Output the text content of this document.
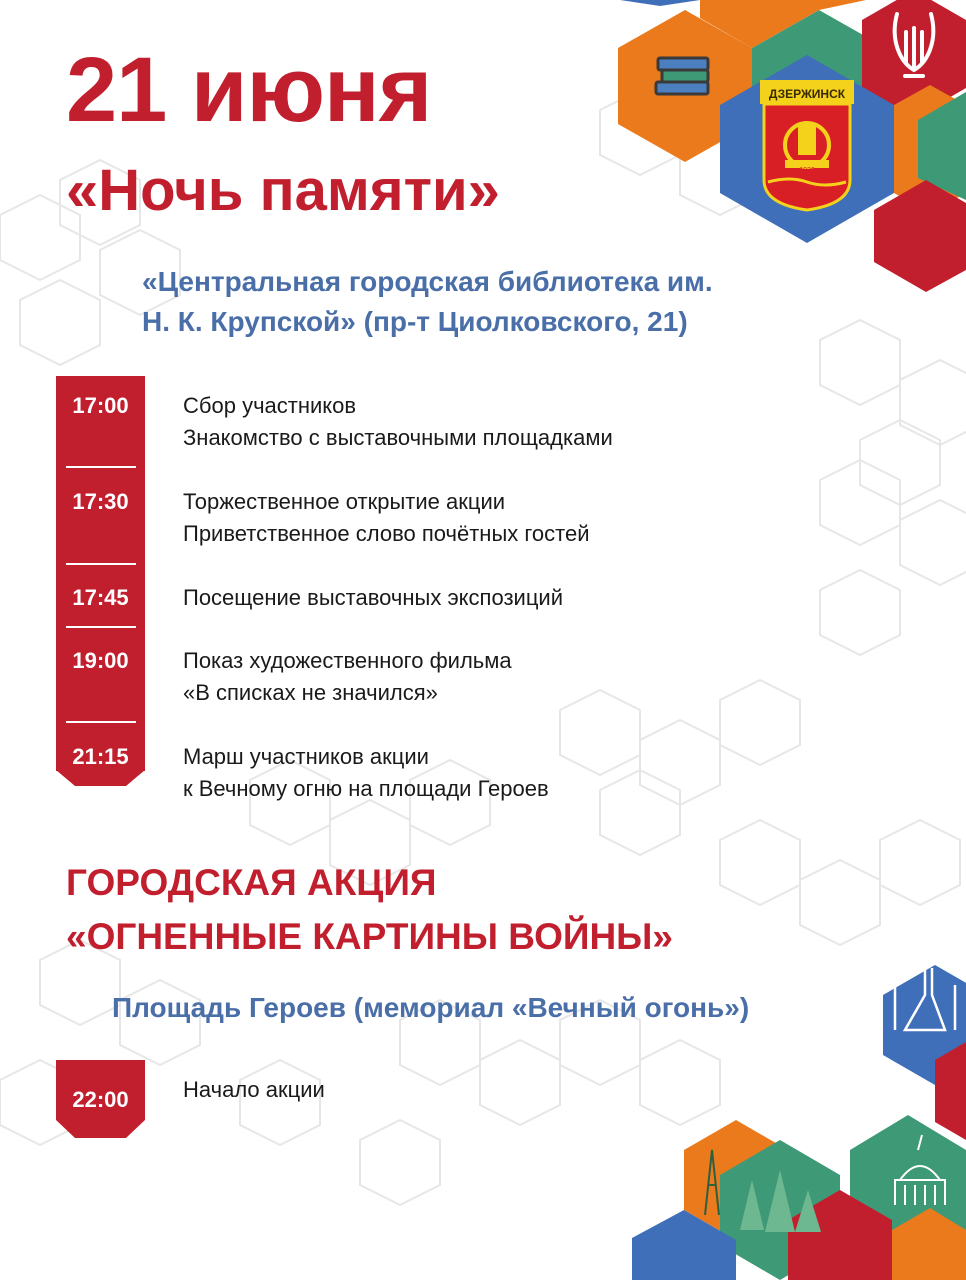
ДЗЕРЖИНСК
1930
21 июня
«Ночь памяти»
«Центральная городская библиотека им.
Н. К. Крупской» (пр-т Циолковского, 21)
17:00
17:30
17:45
19:00
21:15
Сбор участников
Знакомство с выставочными площадками
Торжественное открытие акции
Приветственное слово почётных гостей
Посещение выставочных экспозиций
Показ художественного фильма
«В списках не значился»
Марш участников акции
к Вечному огню на площади Героев
ГОРОДСКАЯ АКЦИЯ
«ОГНЕННЫЕ КАРТИНЫ ВОЙНЫ»
Площадь Героев (мемориал «Вечный огонь»)
22:00	Начало акции
